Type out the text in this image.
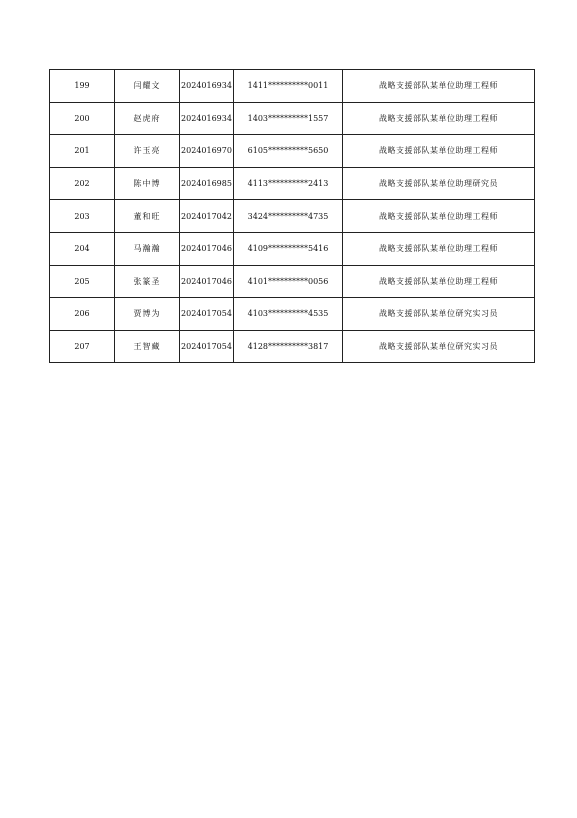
199	闫耀文	2024016934	1411**********0011	战略支援部队某单位助理工程师
200	赵虎府	2024016934	1403**********1557	战略支援部队某单位助理工程师
201	许玉亮	2024016970	6105**********5650	战略支援部队某单位助理工程师
202	陈中博	2024016985	4113**********2413	战略支援部队某单位助理研究员
203	董和旺	2024017042	3424**********4735	战略支援部队某单位助理工程师
204	马瀚瀚	2024017046	4109**********5416	战略支援部队某单位助理工程师
205	张篆圣	2024017046	4101**********0056	战略支援部队某单位助理工程师
206	贾博为	2024017054	4103**********4535	战略支援部队某单位研究实习员
207	王智藏	2024017054	4128**********3817	战略支援部队某单位研究实习员
